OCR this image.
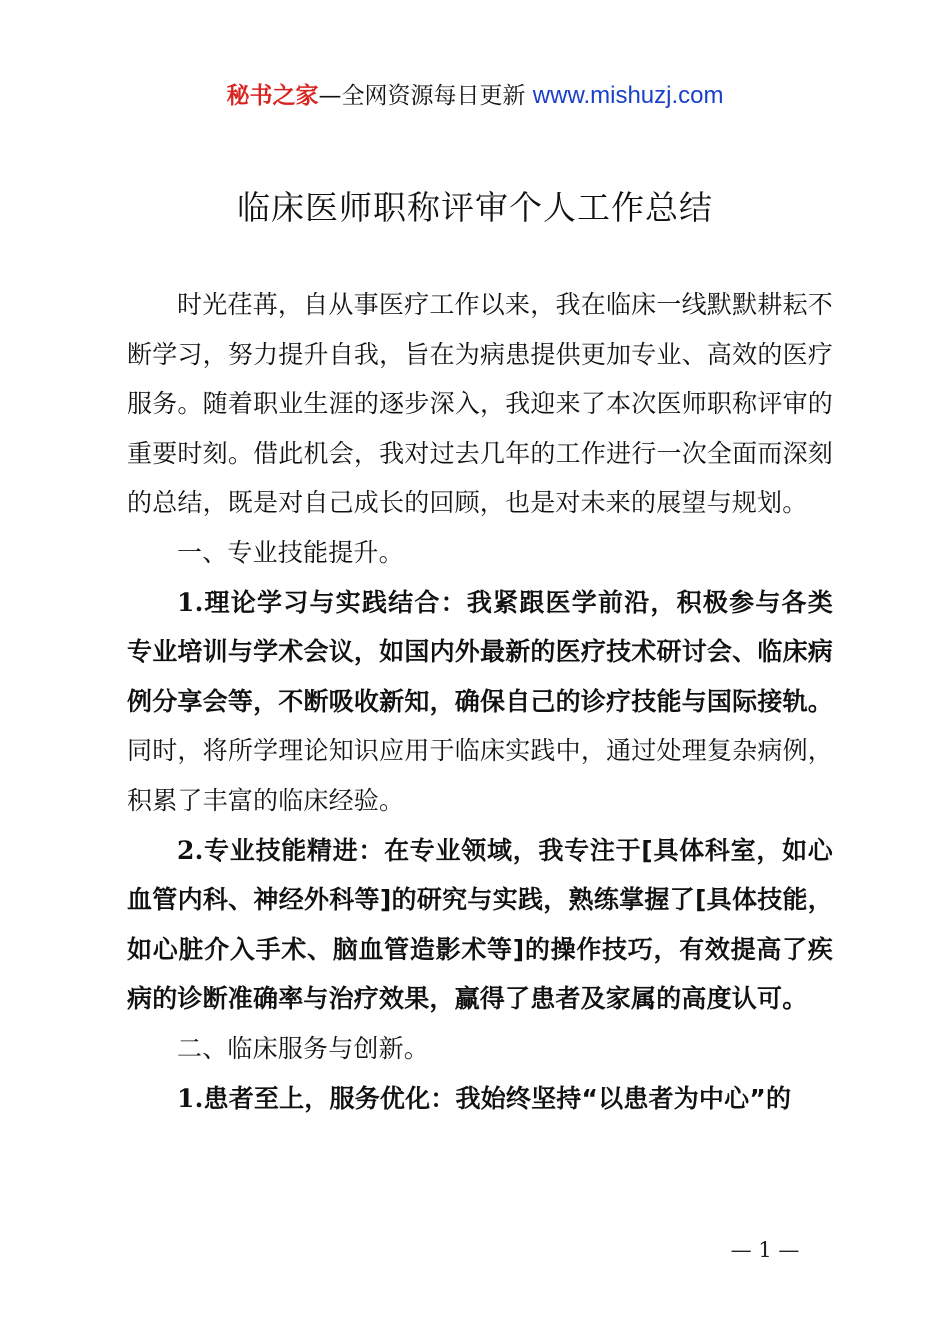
秘书之家—全网资源每日更新 www.mishuzj.com
临床医师职称评审个人工作总结

时光荏苒，自从事医疗工作以来，我在临床一线默默耕耘不断学习，努力提升自我，旨在为病患提供更加专业、高效的医疗服务。随着职业生涯的逐步深入，我迎来了本次医师职称评审的重要时刻。借此机会，我对过去几年的工作进行一次全面而深刻的总结，既是对自己成长的回顾，也是对未来的展望与规划。

一、专业技能提升。

1.理论学习与实践结合：我紧跟医学前沿，积极参与各类专业培训与学术会议，如国内外最新的医疗技术研讨会、临床病例分享会等，不断吸收新知，确保自己的诊疗技能与国际接轨。同时，将所学理论知识应用于临床实践中，通过处理复杂病例，积累了丰富的临床经验。

2.专业技能精进：在专业领域，我专注于[具体科室，如心血管内科、神经外科等]的研究与实践，熟练掌握了[具体技能，如心脏介入手术、脑血管造影术等]的操作技巧，有效提高了疾病的诊断准确率与治疗效果，赢得了患者及家属的高度认可。

二、临床服务与创新。

1.患者至上，服务优化：我始终坚持“以患者为中心”的

— 1 —
